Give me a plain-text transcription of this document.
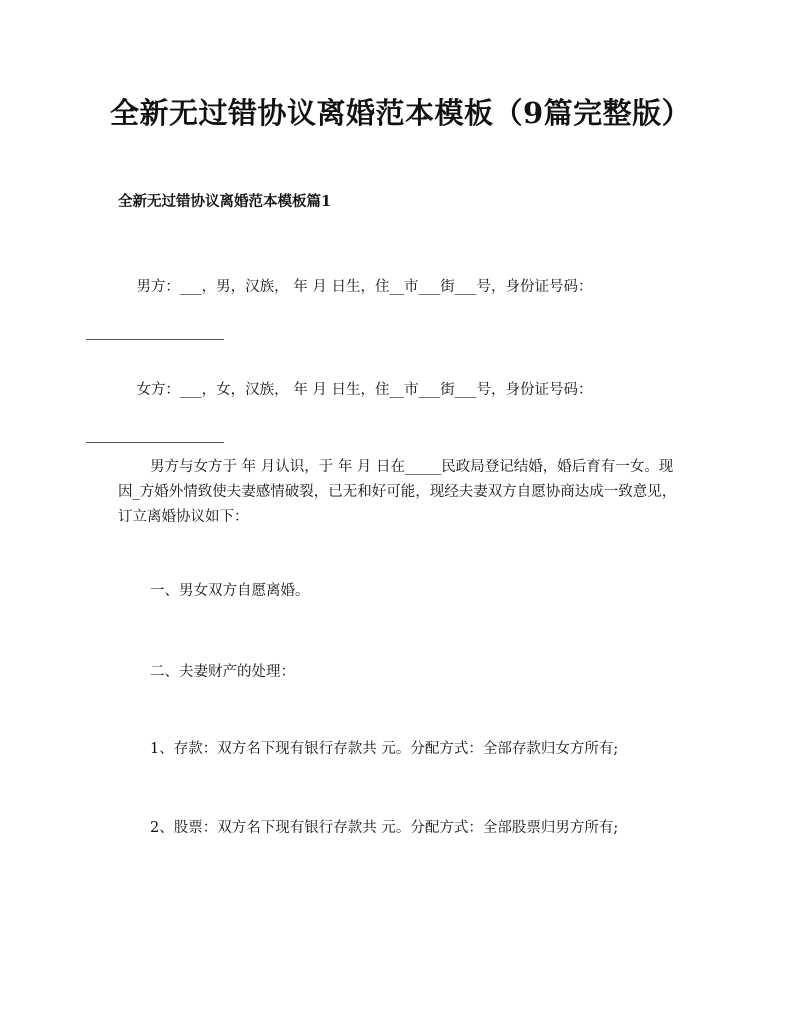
全新无过错协议离婚范本模板（9篇完整版）
全新无过错协议离婚范本模板篇1

男方：___，男，汉族， 年 月 日生，住__市___街___号，身份证号码：

女方：___，女，汉族， 年 月 日生，住__市___街___号，身份证号码：

男方与女方于 年 月认识，于 年 月 日在_____民政局登记结婚，婚后育有一女。现因_方婚外情致使夫妻感情破裂，已无和好可能，现经夫妻双方自愿协商达成一致意见，订立离婚协议如下：
一、男女双方自愿离婚。
二、夫妻财产的处理：
1、存款：双方名下现有银行存款共 元。分配方式：全部存款归女方所有;
2、股票：双方名下现有银行存款共 元。分配方式：全部股票归男方所有;
